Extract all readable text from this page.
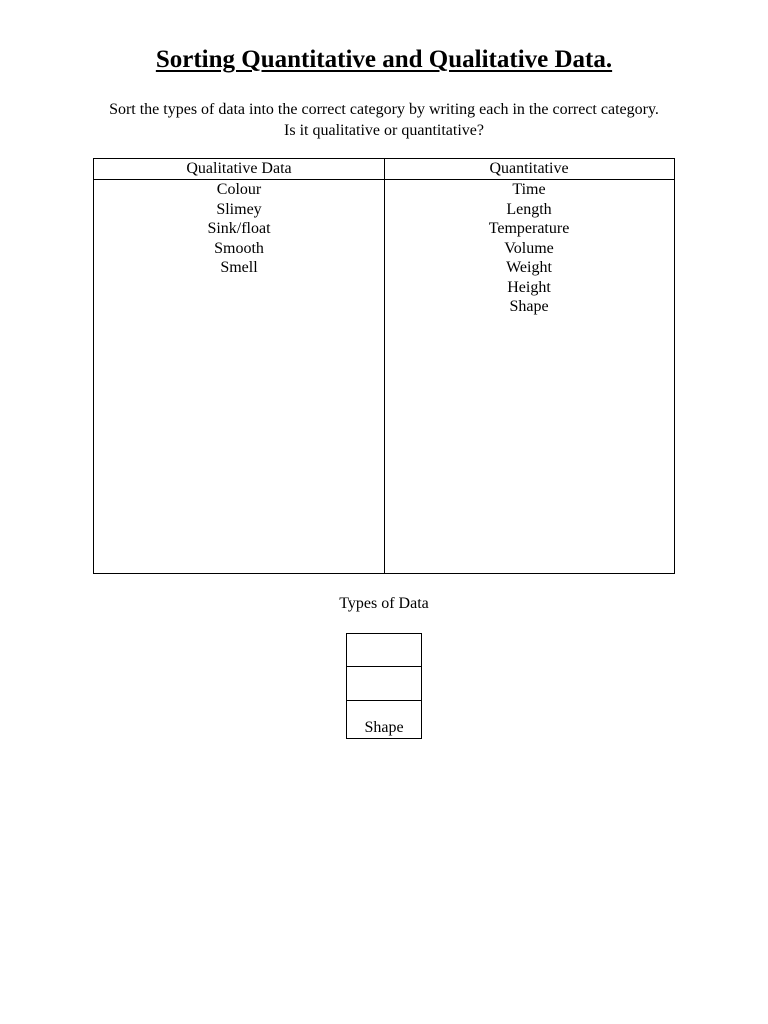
Sorting Quantitative and Qualitative Data.
Sort the types of data into the correct category by writing each in the correct category.
Is it qualitative or quantitative?
Qualitative Data	Quantitative
Colour
Slimey
Sink/float
Smooth
Smell
Time
Length
Temperature
Volume
Weight
Height
Shape
Types of Data
Shape
